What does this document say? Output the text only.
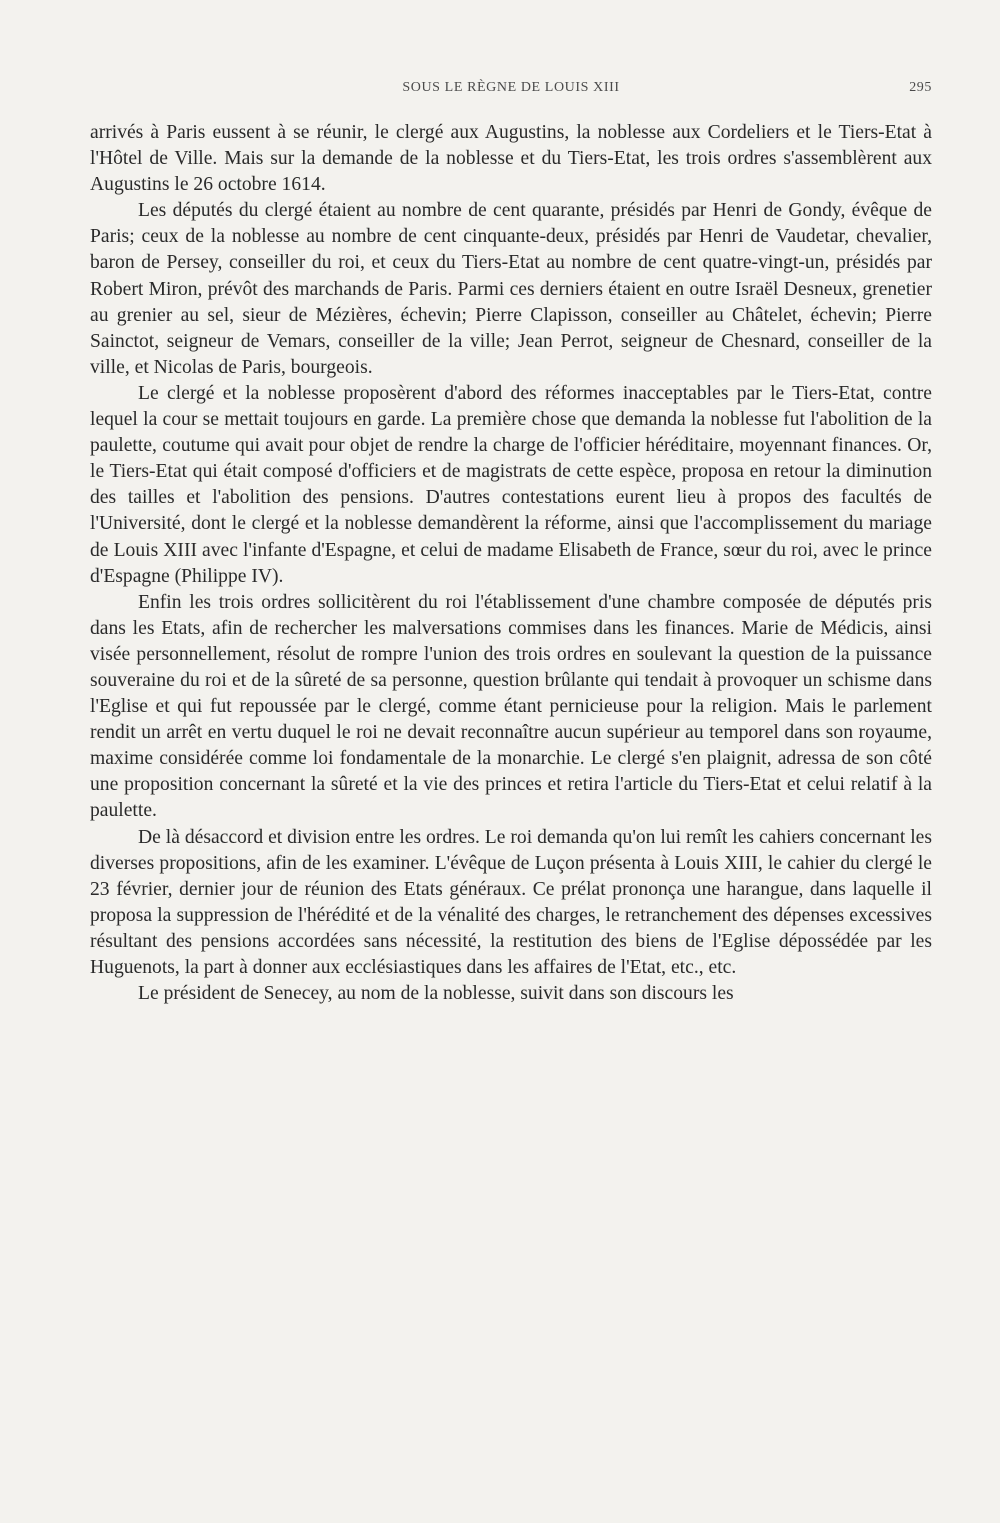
SOUS LE RÈGNE DE LOUIS XIII	295

arrivés à Paris eussent à se réunir, le clergé aux Augustins, la noblesse aux Cordeliers et le Tiers-Etat à l'Hôtel de Ville. Mais sur la demande de la noblesse et du Tiers-Etat, les trois ordres s'assemblèrent aux Augustins le 26 octobre 1614.

Les députés du clergé étaient au nombre de cent quarante, présidés par Henri de Gondy, évêque de Paris; ceux de la noblesse au nombre de cent cinquante-deux, présidés par Henri de Vaudetar, chevalier, baron de Persey, conseiller du roi, et ceux du Tiers-Etat au nombre de cent quatre-vingt-un, présidés par Robert Miron, prévôt des marchands de Paris. Parmi ces derniers étaient en outre Israël Desneux, grenetier au grenier au sel, sieur de Mézières, échevin; Pierre Clapisson, conseiller au Châtelet, échevin; Pierre Sainctot, seigneur de Vemars, conseiller de la ville; Jean Perrot, seigneur de Chesnard, conseiller de la ville, et Nicolas de Paris, bourgeois.

Le clergé et la noblesse proposèrent d'abord des réformes inacceptables par le Tiers-Etat, contre lequel la cour se mettait toujours en garde. La première chose que demanda la noblesse fut l'abolition de la paulette, coutume qui avait pour objet de rendre la charge de l'officier héréditaire, moyennant finances. Or, le Tiers-Etat qui était composé d'officiers et de magistrats de cette espèce, proposa en retour la diminution des tailles et l'abolition des pensions. D'autres contestations eurent lieu à propos des facultés de l'Université, dont le clergé et la noblesse demandèrent la réforme, ainsi que l'accomplissement du mariage de Louis XIII avec l'infante d'Espagne, et celui de madame Elisabeth de France, sœur du roi, avec le prince d'Espagne (Philippe IV).

Enfin les trois ordres sollicitèrent du roi l'établissement d'une chambre composée de députés pris dans les Etats, afin de rechercher les malversations commises dans les finances. Marie de Médicis, ainsi visée personnellement, résolut de rompre l'union des trois ordres en soulevant la question de la puissance souveraine du roi et de la sûreté de sa personne, question brûlante qui tendait à provoquer un schisme dans l'Eglise et qui fut repoussée par le clergé, comme étant pernicieuse pour la religion. Mais le parlement rendit un arrêt en vertu duquel le roi ne devait reconnaître aucun supérieur au temporel dans son royaume, maxime considérée comme loi fondamentale de la monarchie. Le clergé s'en plaignit, adressa de son côté une proposition concernant la sûreté et la vie des princes et retira l'article du Tiers-Etat et celui relatif à la paulette.

De là désaccord et division entre les ordres. Le roi demanda qu'on lui remît les cahiers concernant les diverses propositions, afin de les examiner. L'évêque de Luçon présenta à Louis XIII, le cahier du clergé le 23 février, dernier jour de réunion des Etats généraux. Ce prélat prononça une harangue, dans laquelle il proposa la suppression de l'hérédité et de la vénalité des charges, le retranchement des dépenses excessives résultant des pensions accordées sans nécessité, la restitution des biens de l'Eglise dépossédée par les Huguenots, la part à donner aux ecclésiastiques dans les affaires de l'Etat, etc., etc.

Le président de Senecey, au nom de la noblesse, suivit dans son discours les
